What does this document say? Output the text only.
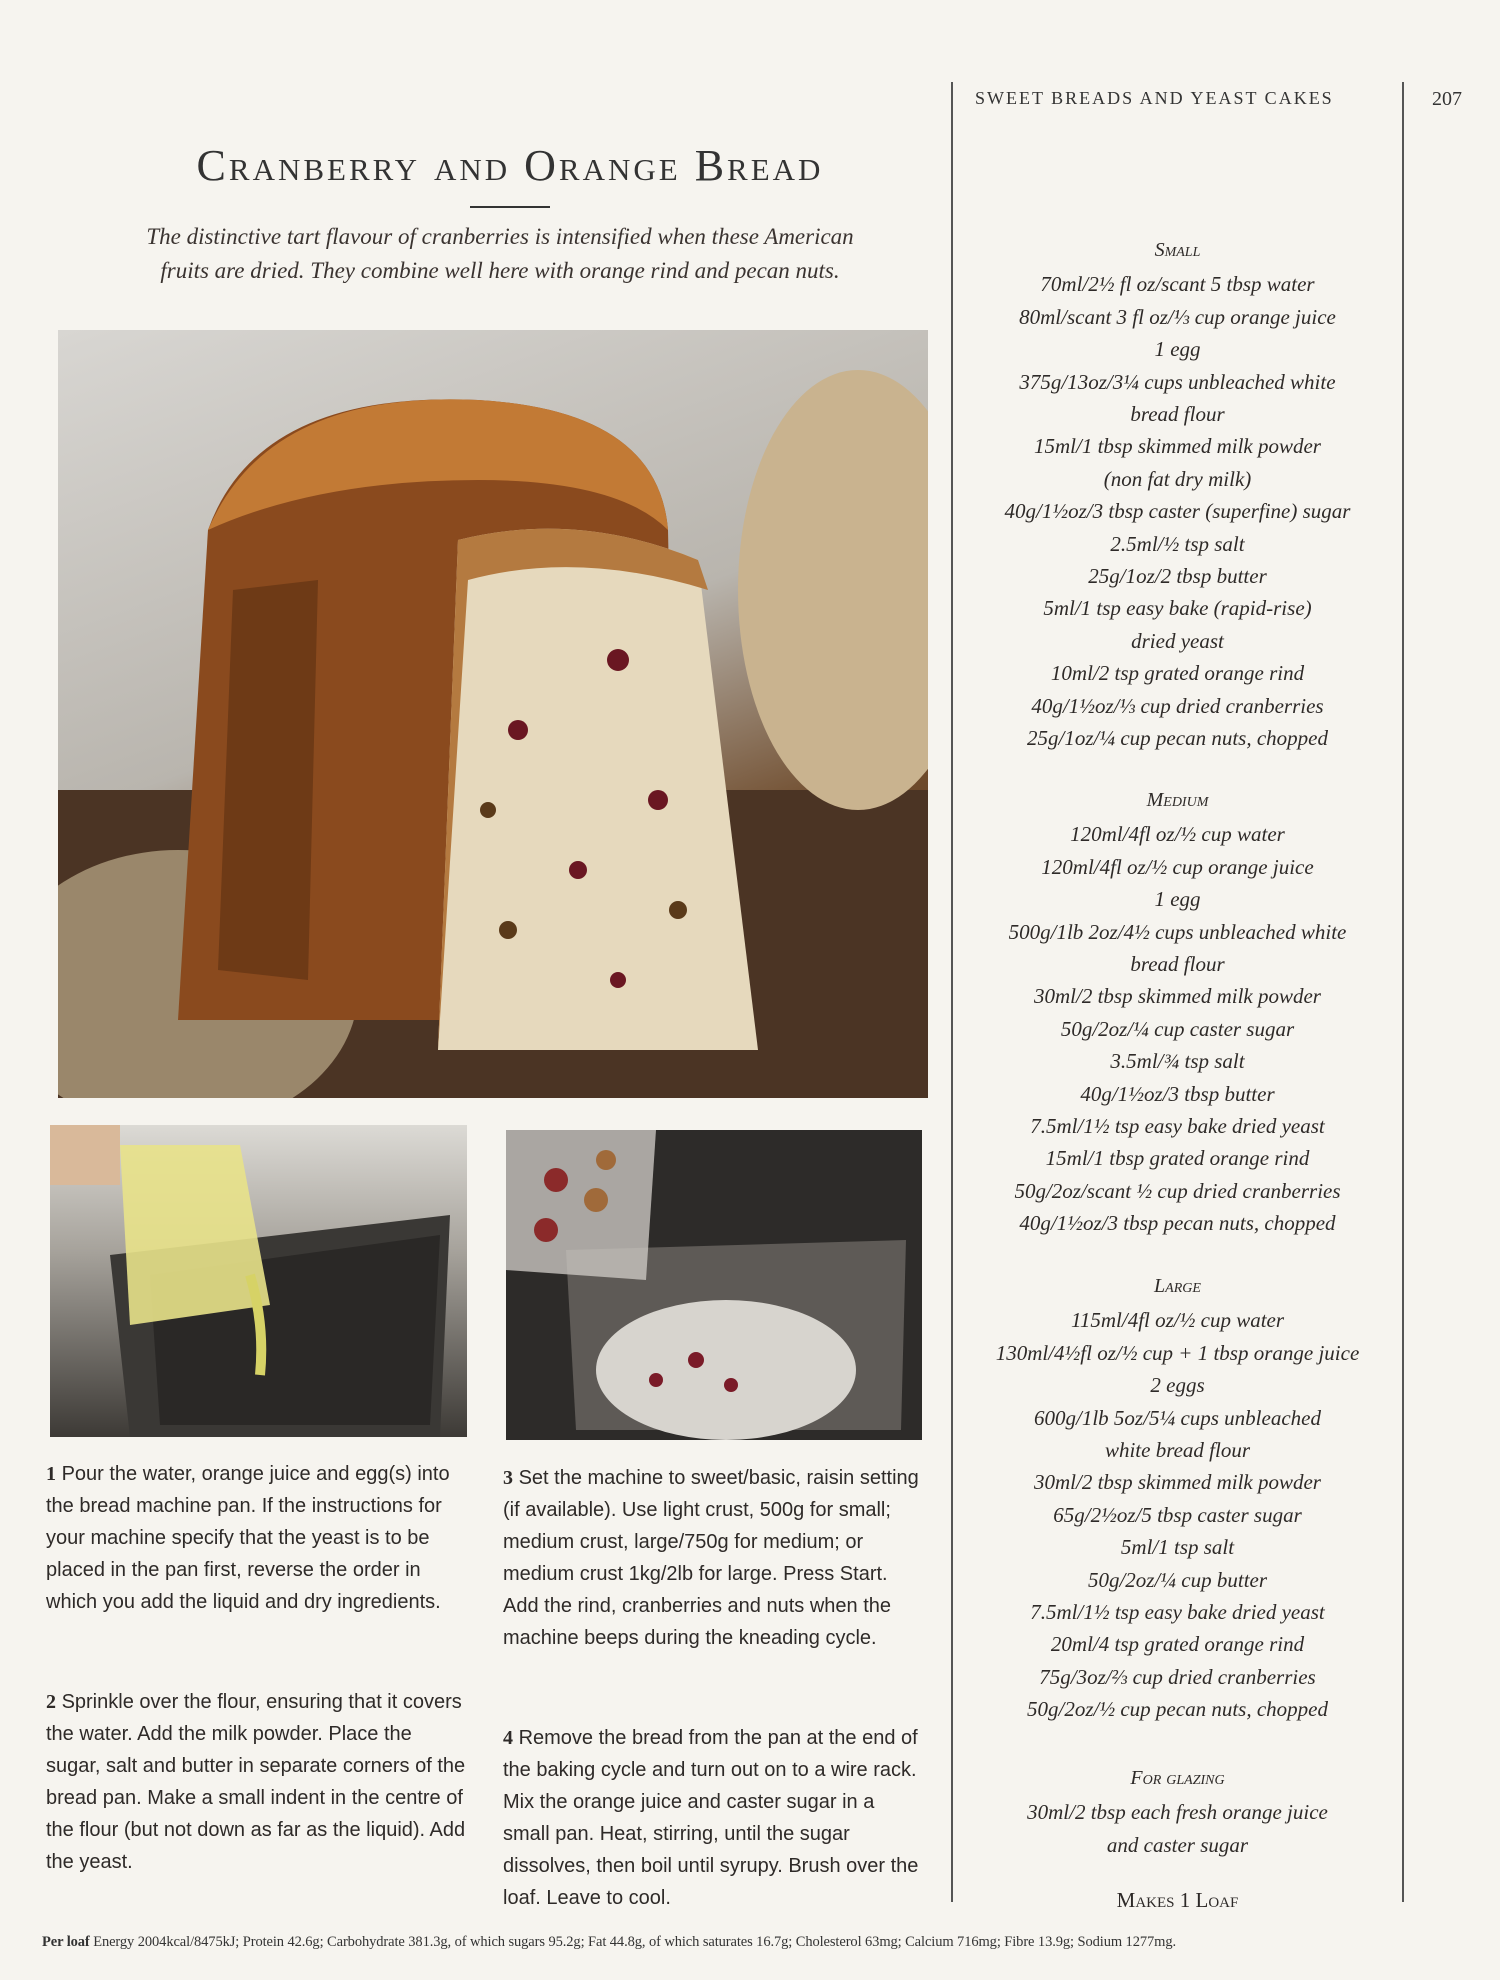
SWEET BREADS AND YEAST CAKES	207
Cranberry and Orange Bread
The distinctive tart flavour of cranberries is intensified when these American
fruits are dried. They combine well here with orange rind and pecan nuts.
1 Pour the water, orange juice and egg(s) into the bread machine pan. If the instructions for your machine specify that the yeast is to be placed in the pan first, reverse the order in which you add the liquid and dry ingredients.
2 Sprinkle over the flour, ensuring that it covers the water. Add the milk powder. Place the sugar, salt and butter in separate corners of the bread pan. Make a small indent in the centre of the flour (but not down as far as the liquid). Add the yeast.
3 Set the machine to sweet/basic, raisin setting (if available). Use light crust, 500g for small; medium crust, large/750g for medium; or medium crust 1kg/2lb for large. Press Start. Add the rind, cranberries and nuts when the machine beeps during the kneading cycle.
4 Remove the bread from the pan at the end of the baking cycle and turn out on to a wire rack. Mix the orange juice and caster sugar in a small pan. Heat, stirring, until the sugar dissolves, then boil until syrupy. Brush over the loaf. Leave to cool.
Small
70ml/2½ fl oz/scant 5 tbsp water
80ml/scant 3 fl oz/⅓ cup orange juice
1 egg
375g/13oz/3¼ cups unbleached white
bread flour
15ml/1 tbsp skimmed milk powder
(non fat dry milk)
40g/1½oz/3 tbsp caster (superfine) sugar
2.5ml/½ tsp salt
25g/1oz/2 tbsp butter
5ml/1 tsp easy bake (rapid-rise)
dried yeast
10ml/2 tsp grated orange rind
40g/1½oz/⅓ cup dried cranberries
25g/1oz/¼ cup pecan nuts, chopped
Medium
120ml/4fl oz/½ cup water
120ml/4fl oz/½ cup orange juice
1 egg
500g/1lb 2oz/4½ cups unbleached white
bread flour
30ml/2 tbsp skimmed milk powder
50g/2oz/¼ cup caster sugar
3.5ml/¾ tsp salt
40g/1½oz/3 tbsp butter
7.5ml/1½ tsp easy bake dried yeast
15ml/1 tbsp grated orange rind
50g/2oz/scant ½ cup dried cranberries
40g/1½oz/3 tbsp pecan nuts, chopped
Large
115ml/4fl oz/½ cup water
130ml/4½fl oz/½ cup + 1 tbsp orange juice
2 eggs
600g/1lb 5oz/5¼ cups unbleached
white bread flour
30ml/2 tbsp skimmed milk powder
65g/2½oz/5 tbsp caster sugar
5ml/1 tsp salt
50g/2oz/¼ cup butter
7.5ml/1½ tsp easy bake dried yeast
20ml/4 tsp grated orange rind
75g/3oz/⅔ cup dried cranberries
50g/2oz/½ cup pecan nuts, chopped
For glazing
30ml/2 tbsp each fresh orange juice
and caster sugar
Makes 1 Loaf
Per loaf Energy 2004kcal/8475kJ; Protein 42.6g; Carbohydrate 381.3g, of which sugars 95.2g; Fat 44.8g, of which saturates 16.7g; Cholesterol 63mg; Calcium 716mg; Fibre 13.9g; Sodium 1277mg.
